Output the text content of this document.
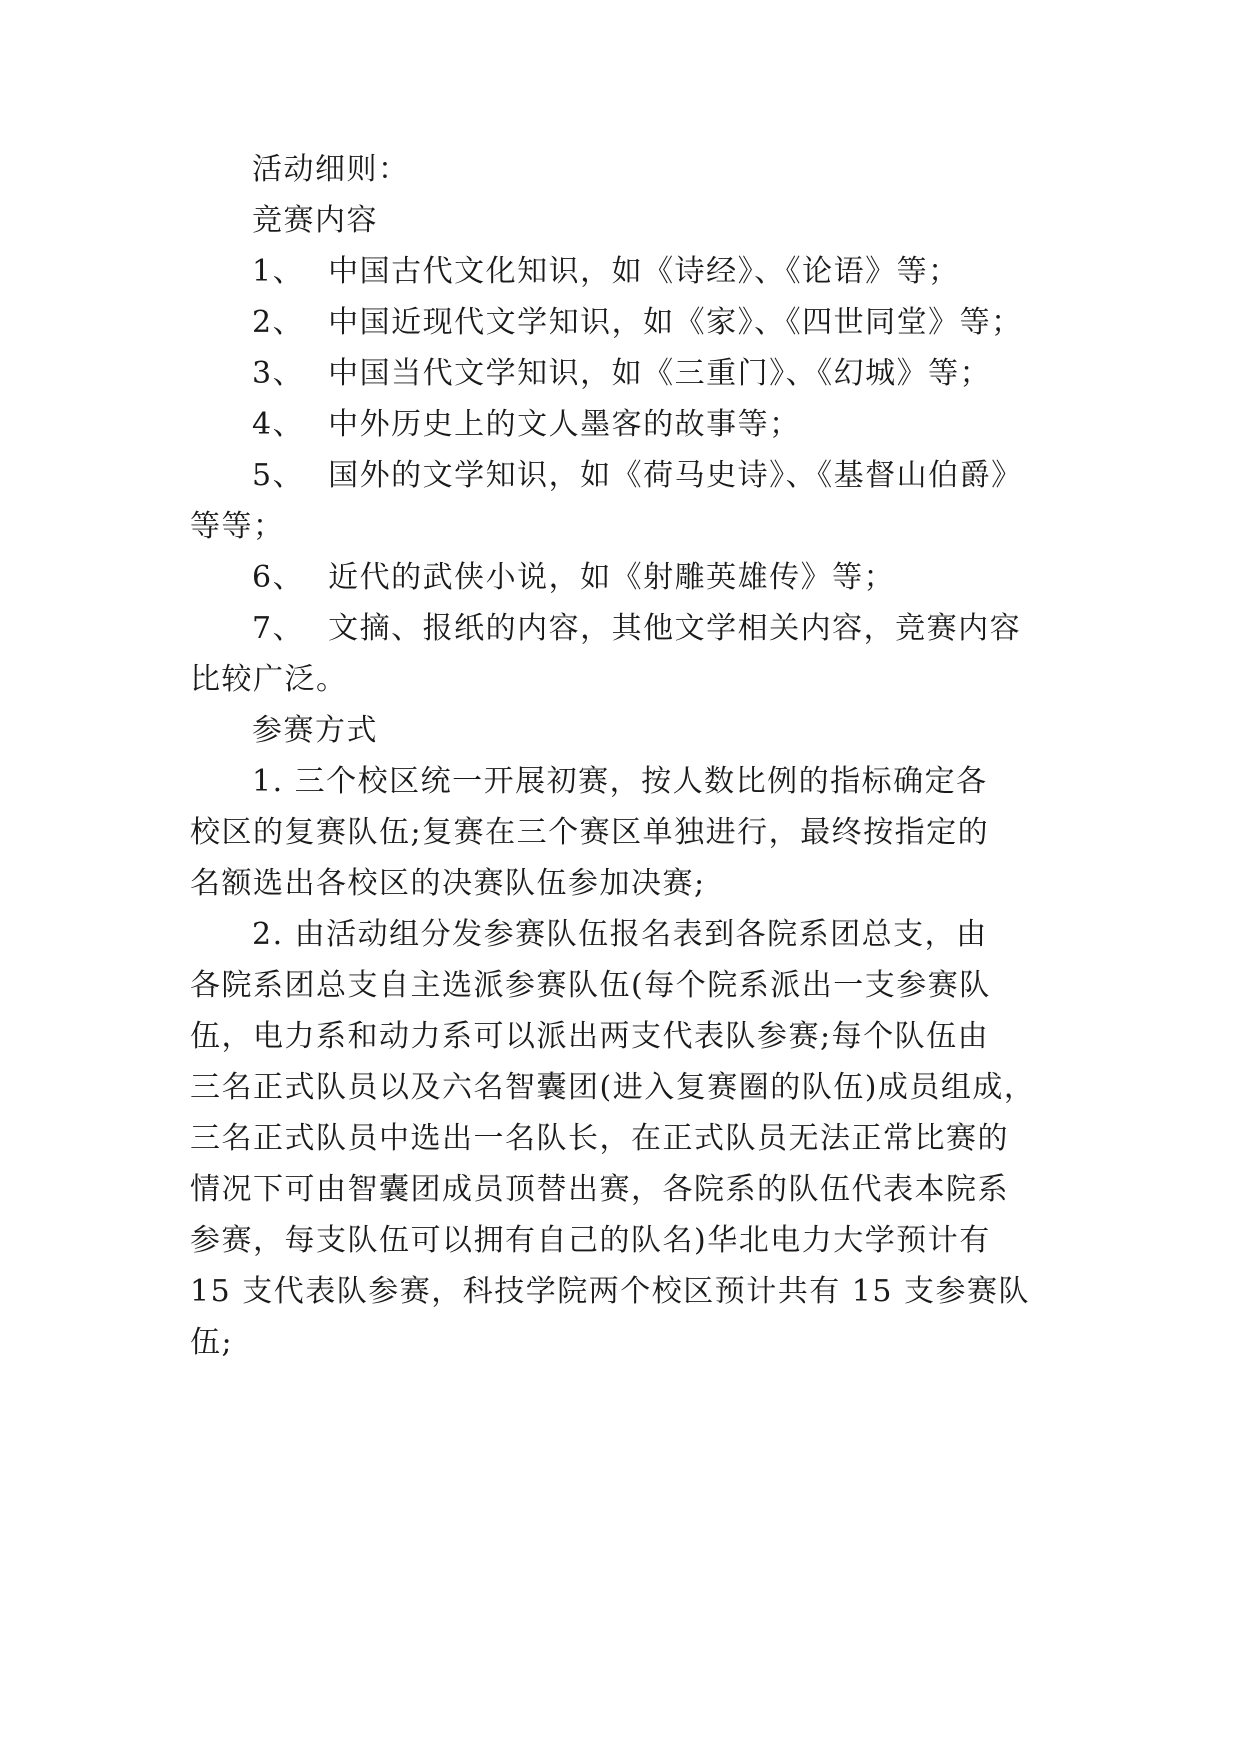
活动细则：
竞赛内容
1、 中国古代文化知识，如《诗经》、《论语》等；
2、 中国近现代文学知识，如《家》、《四世同堂》等；
3、 中国当代文学知识，如《三重门》、《幻城》等；
4、 中外历史上的文人墨客的故事等；
5、 国外的文学知识，如《荷马史诗》、《基督山伯爵》
等等；
6、 近代的武侠小说，如《射雕英雄传》等；
7、 文摘、报纸的内容，其他文学相关内容，竞赛内容
比较广泛。
参赛方式
1. 三个校区统一开展初赛，按人数比例的指标确定各
校区的复赛队伍;复赛在三个赛区单独进行，最终按指定的
名额选出各校区的决赛队伍参加决赛;
2. 由活动组分发参赛队伍报名表到各院系团总支，由
各院系团总支自主选派参赛队伍(每个院系派出一支参赛队
伍，电力系和动力系可以派出两支代表队参赛;每个队伍由
三名正式队员以及六名智囊团(进入复赛圈的队伍)成员组成，
三名正式队员中选出一名队长，在正式队员无法正常比赛的
情况下可由智囊团成员顶替出赛，各院系的队伍代表本院系
参赛，每支队伍可以拥有自己的队名)华北电力大学预计有
15 支代表队参赛，科技学院两个校区预计共有 15 支参赛队
伍;
